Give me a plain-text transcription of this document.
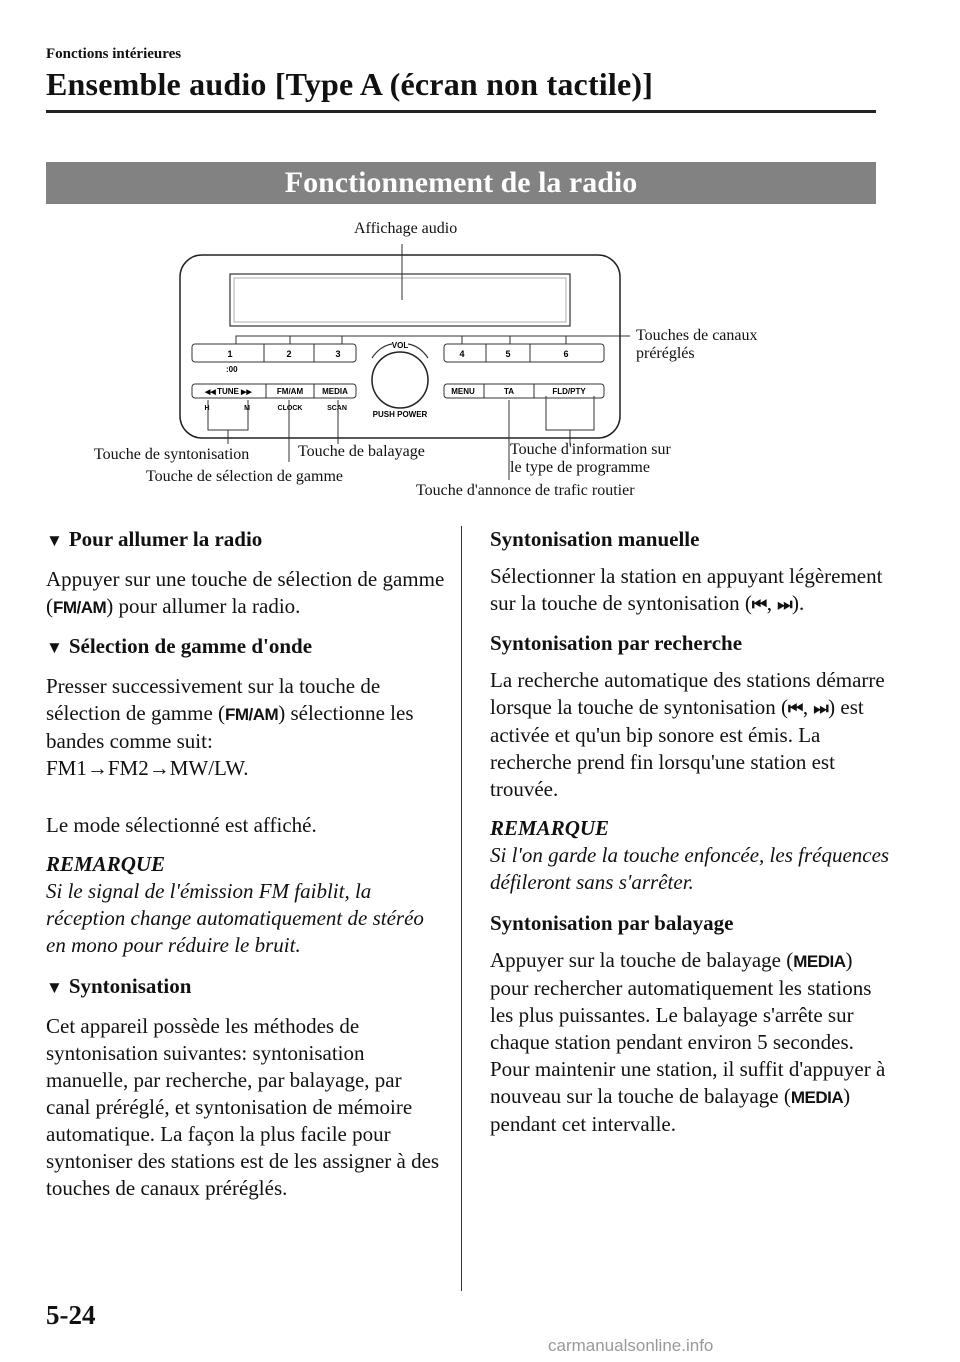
Fonctions intérieures
Ensemble audio [Type A (écran non tactile)]
Fonctionnement de la radio
1	2	3	4	5	6
:00
VOL
PUSH POWER
TUNE
◀◀	▶▶	FM/AM MEDIA	MENU	TA	FLD/PTY
H	M	CLOCK	SCAN
Affichage audio
Touches de canaux
préréglés
Touche de syntonisation	Touche de balayage
Touche de sélection de gamme
Touche d'information sur
le type de programme
Touche d'annonce de trafic routier
▼ Pour allumer la radio

Appuyer sur une touche de sélection de gamme (FM/AM) pour allumer la radio.

▼ Sélection de gamme d'onde

Presser successivement sur la touche de sélection de gamme (FM/AM) sélectionne les bandes comme suit:

FM1→FM2→MW/LW.

Le mode sélectionné est affiché.

REMARQUE

Si le signal de l'émission FM faiblit, la réception change automatiquement de stéréo en mono pour réduire le bruit.

▼ Syntonisation

Cet appareil possède les méthodes de syntonisation suivantes: syntonisation manuelle, par recherche, par balayage, par canal préréglé, et syntonisation de mémoire automatique. La façon la plus facile pour syntoniser des stations est de les assigner à des touches de canaux préréglés.

Syntonisation manuelle

Sélectionner la station en appuyant légèrement sur la touche de syntonisation (⏮, ⏭).

Syntonisation par recherche

La recherche automatique des stations démarre lorsque la touche de syntonisation (⏮, ⏭) est activée et qu'un bip sonore est émis. La recherche prend fin lorsqu'une station est trouvée.

REMARQUE

Si l'on garde la touche enfoncée, les fréquences défileront sans s'arrêter.

Syntonisation par balayage

Appuyer sur la touche de balayage (MEDIA) pour rechercher automatiquement les stations les plus puissantes. Le balayage s'arrête sur chaque station pendant environ 5 secondes. Pour maintenir une station, il suffit d'appuyer à nouveau sur la touche de balayage (MEDIA) pendant cet intervalle.

5-24
carmanualsonline.info
